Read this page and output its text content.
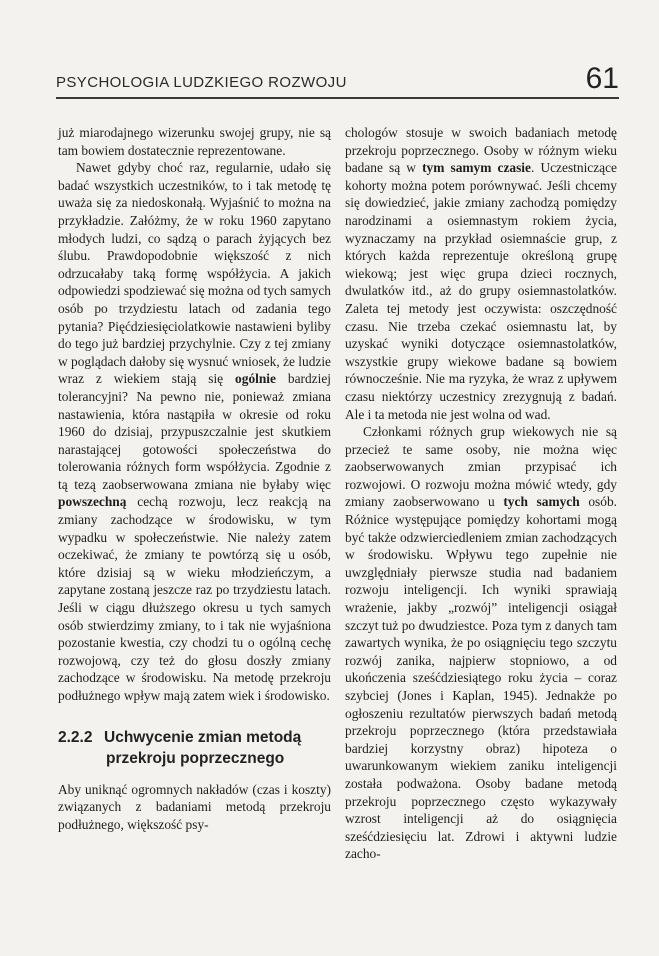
PSYCHOLOGIA LUDZKIEGO ROZWOJU	61

już miarodajnego wizerunku swojej grupy, nie są tam bowiem dostatecznie reprezentowane.

Nawet gdyby choć raz, regularnie, udało się badać wszystkich uczestników, to i tak metodę tę uważa się za niedoskonałą. Wyjaśnić to można na przykładzie. Załóżmy, że w roku 1960 zapytano młodych ludzi, co sądzą o parach żyjących bez ślubu. Prawdopodobnie większość z nich odrzucałaby taką formę współżycia. A jakich odpowiedzi spodziewać się można od tych samych osób po trzydziestu latach od zadania tego pytania? Pięćdziesięciolatkowie nastawieni byliby do tego już bardziej przychylnie. Czy z tej zmiany w poglądach dałoby się wysnuć wniosek, że ludzie wraz z wiekiem stają się ogólnie bardziej tolerancyjni? Na pewno nie, ponieważ zmiana nastawienia, która nastąpiła w okresie od roku 1960 do dzisiaj, przypuszczalnie jest skutkiem narastającej gotowości społeczeństwa do tolerowania różnych form współżycia. Zgodnie z tą tezą zaobserwowana zmiana nie byłaby więc powszechną cechą rozwoju, lecz reakcją na zmiany zachodzące w środowisku, w tym wypadku w społeczeństwie. Nie należy zatem oczekiwać, że zmiany te powtórzą się u osób, które dzisiaj są w wieku młodzieńczym, a zapytane zostaną jeszcze raz po trzydziestu latach. Jeśli w ciągu dłuższego okresu u tych samych osób stwierdzimy zmiany, to i tak nie wyjaśniona pozostanie kwestia, czy chodzi tu o ogólną cechę rozwojową, czy też do głosu doszły zmiany zachodzące w środowisku. Na metodę przekroju podłużnego wpływ mają zatem wiek i środowisko.

2.2.2 Uchwycenie zmian metodą
przekroju poprzecznego

Aby uniknąć ogromnych nakładów (czas i koszty) związanych z badaniami metodą przekroju podłużnego, większość psy-

chologów stosuje w swoich badaniach metodę przekroju poprzecznego. Osoby w różnym wieku badane są w tym samym czasie. Uczestniczące kohorty można potem porównywać. Jeśli chcemy się dowiedzieć, jakie zmiany zachodzą pomiędzy narodzinami a osiemnastym rokiem życia, wyznaczamy na przykład osiemnaście grup, z których każda reprezentuje określoną grupę wiekową; jest więc grupa dzieci rocznych, dwulatków itd., aż do grupy osiemnastolatków. Zaleta tej metody jest oczywista: oszczędność czasu. Nie trzeba czekać osiemnastu lat, by uzyskać wyniki dotyczące osiemnastolatków, wszystkie grupy wiekowe badane są bowiem równocześnie. Nie ma ryzyka, że wraz z upływem czasu niektórzy uczestnicy zrezygnują z badań. Ale i ta metoda nie jest wolna od wad.

Członkami różnych grup wiekowych nie są przecież te same osoby, nie można więc zaobserwowanych zmian przypisać ich rozwojowi. O rozwoju można mówić wtedy, gdy zmiany zaobserwowano u tych samych osób. Różnice występujące pomiędzy kohortami mogą być także odzwierciedleniem zmian zachodzących w środowisku. Wpływu tego zupełnie nie uwzględniały pierwsze studia nad badaniem rozwoju inteligencji. Ich wyniki sprawiają wrażenie, jakby „rozwój” inteligencji osiągał szczyt tuż po dwudziestce. Poza tym z danych tam zawartych wynika, że po osiągnięciu tego szczytu rozwój zanika, najpierw stopniowo, a od ukończenia sześćdziesiątego roku życia – coraz szybciej (Jones i Kaplan, 1945). Jednakże po ogłoszeniu rezultatów pierwszych badań metodą przekroju poprzecznego (która przedstawiała bardziej korzystny obraz) hipoteza o uwarunkowanym wiekiem zaniku inteligencji została podważona. Osoby badane metodą przekroju poprzecznego często wykazywały wzrost inteligencji aż do osiągnięcia sześćdziesięciu lat. Zdrowi i aktywni ludzie zacho-
